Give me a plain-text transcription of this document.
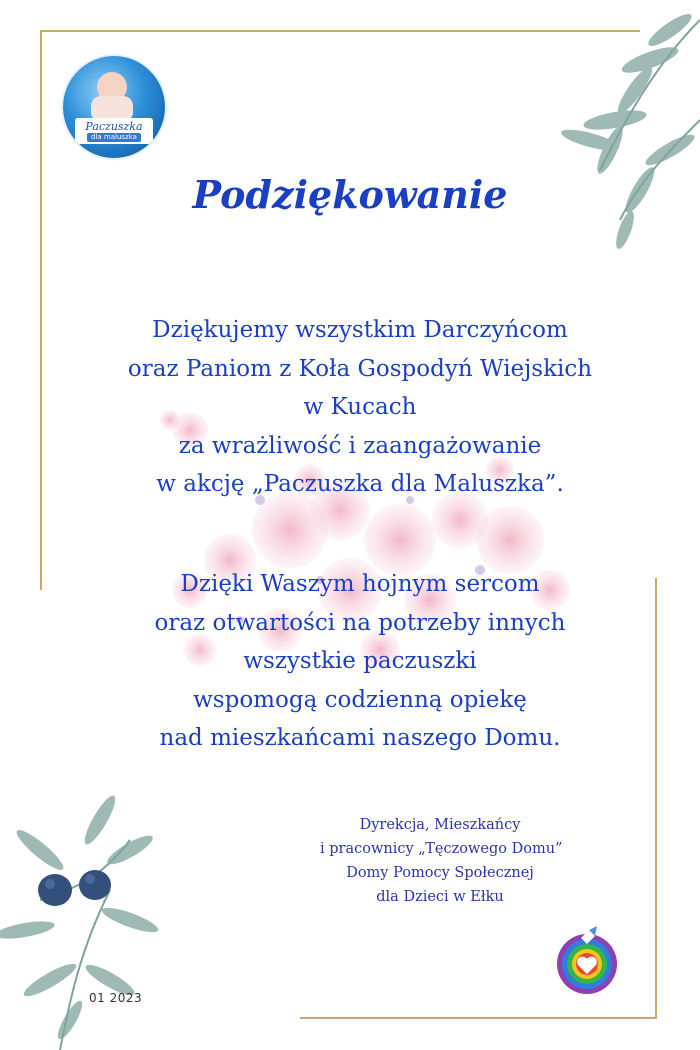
Paczuszka
dla maluszka
Podziękowanie
Dziękujemy wszystkim Darczyńcom
oraz Paniom z Koła Gospodyń Wiejskich
w Kucach
za wrażliwość i zaangażowanie
w akcję „Paczuszka dla Maluszka”.
Dzięki Waszym hojnym sercom
oraz otwartości na potrzeby innych
wszystkie paczuszki
wspomogą codzienną opiekę
nad mieszkańcami naszego Domu.
Dyrekcja, Mieszkańcy
i pracownicy „Tęczowego Domu”
Domy Pomocy Społecznej
dla Dzieci w Ełku
01 2023
